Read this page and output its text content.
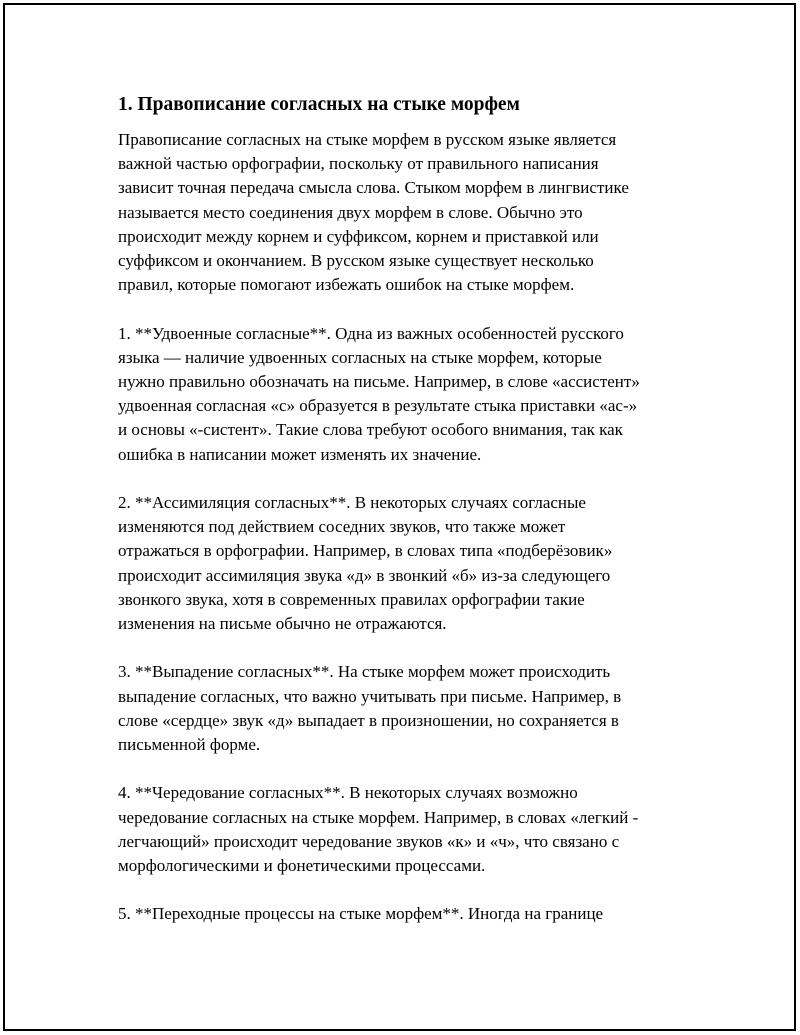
1. Правописание согласных на стыке морфем
Правописание согласных на стыке морфем в русском языке является
важной частью орфографии, поскольку от правильного написания
зависит точная передача смысла слова. Стыком морфем в лингвистике
называется место соединения двух морфем в слове. Обычно это
происходит между корнем и суффиксом, корнем и приставкой или
суффиксом и окончанием. В русском языке существует несколько
правил, которые помогают избежать ошибок на стыке морфем.
1. **Удвоенные согласные**. Одна из важных особенностей русского
языка — наличие удвоенных согласных на стыке морфем, которые
нужно правильно обозначать на письме. Например, в слове «ассистент»
удвоенная согласная «с» образуется в результате стыка приставки «ас-»
и основы «-систент». Такие слова требуют особого внимания, так как
ошибка в написании может изменять их значение.
2. **Ассимиляция согласных**. В некоторых случаях согласные
изменяются под действием соседних звуков, что также может
отражаться в орфографии. Например, в словах типа «подберёзовик»
происходит ассимиляция звука «д» в звонкий «б» из-за следующего
звонкого звука, хотя в современных правилах орфографии такие
изменения на письме обычно не отражаются.
3. **Выпадение согласных**. На стыке морфем может происходить
выпадение согласных, что важно учитывать при письме. Например, в
слове «сердце» звук «д» выпадает в произношении, но сохраняется в
письменной форме.
4. **Чередование согласных**. В некоторых случаях возможно
чередование согласных на стыке морфем. Например, в словах «легкий -
легчающий» происходит чередование звуков «к» и «ч», что связано с
морфологическими и фонетическими процессами.
5. **Переходные процессы на стыке морфем**. Иногда на границе
